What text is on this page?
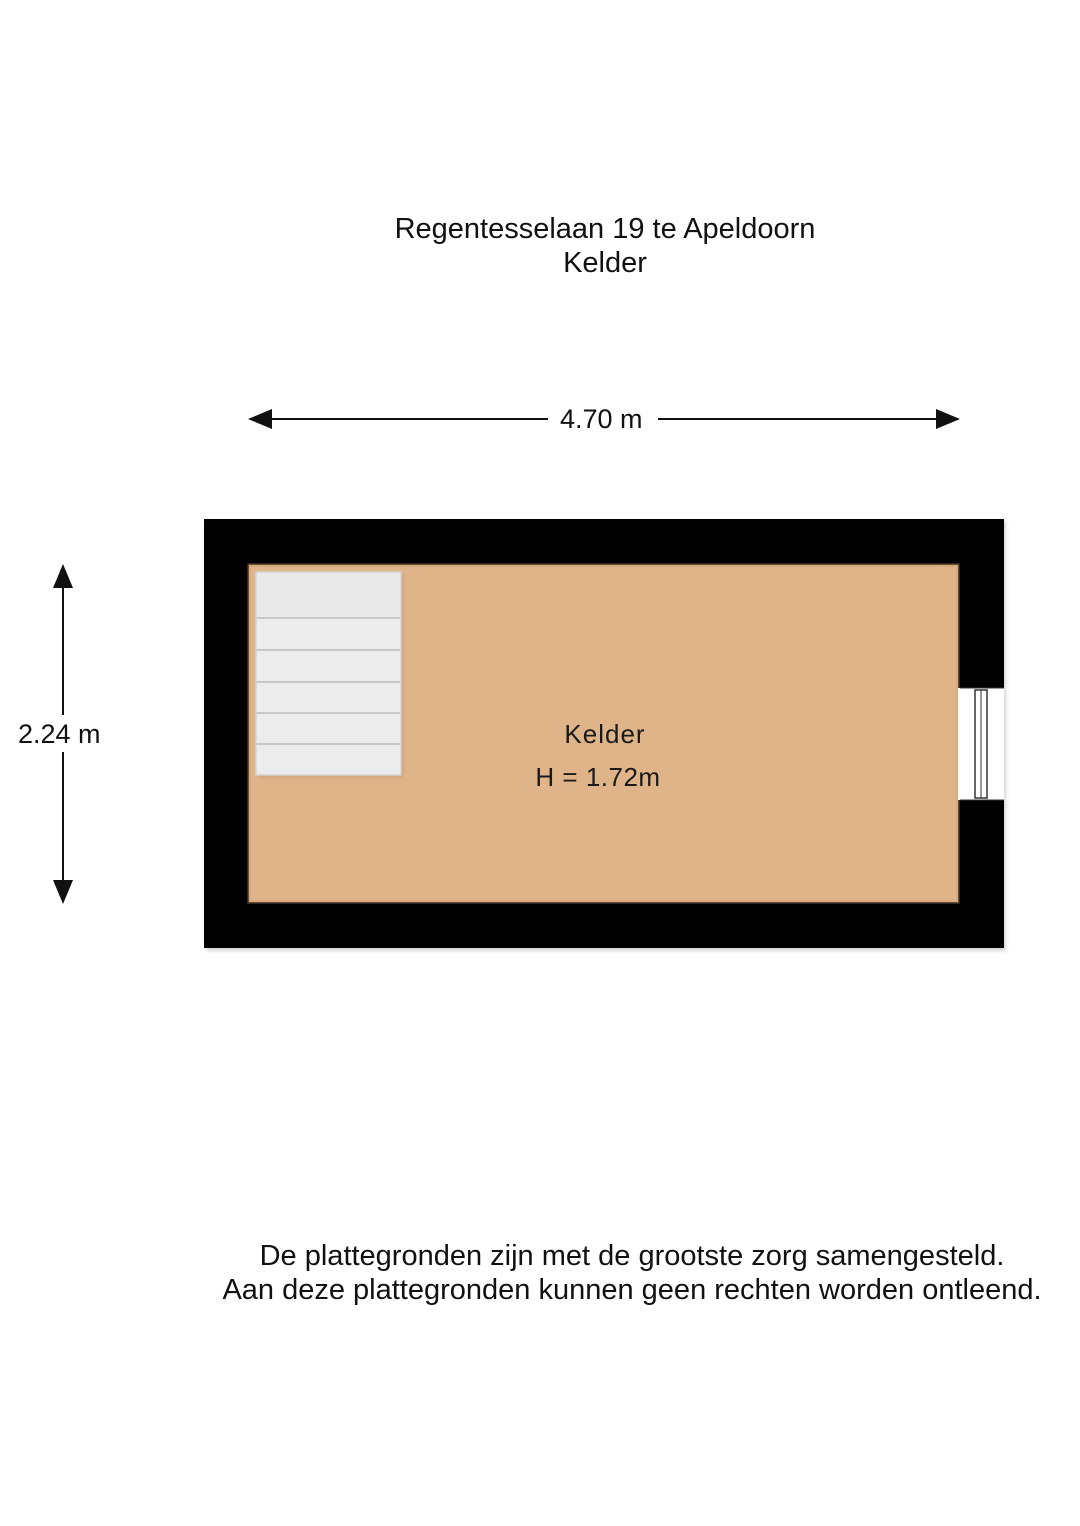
Regentesselaan 19 te Apeldoorn
Kelder
4.70 m
2.24 m	Kelder
H = 1.72m
De plattegronden zijn met de grootste zorg samengesteld.
Aan deze plattegronden kunnen geen rechten worden ontleend.
